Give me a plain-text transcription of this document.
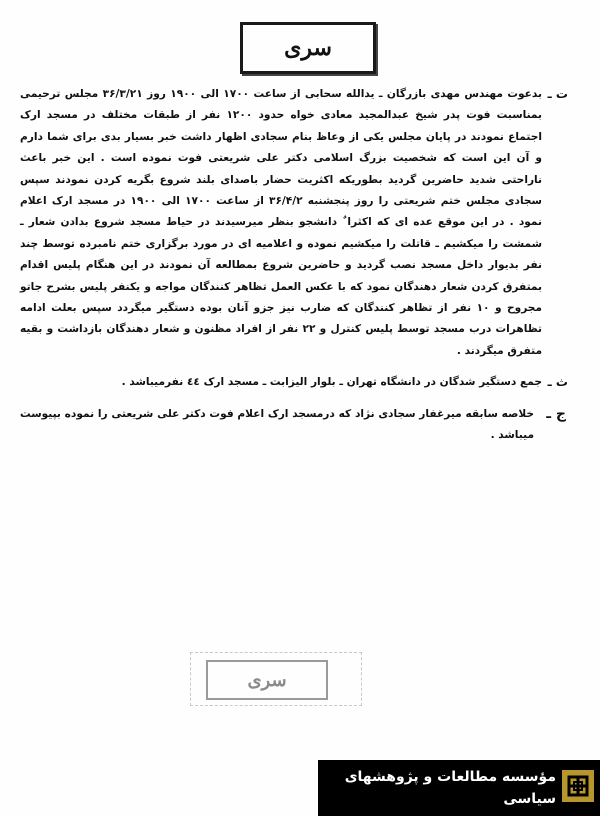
سری
ت ـ
بدعوت مهندس مهدی بازرگان ـ یدالله سحابی از ساعت ۱۷۰۰ الی ۱۹۰۰ روز ۳۶/۳/۲۱ مجلس ترحیمی بمناسبت فوت پدر شیخ عبدالمجید معادی خواه حدود ۱۲۰۰ نفر از طبقات مختلف در مسجد ارک اجتماع نمودند در پایان مجلس یکی از وعاظ بنام سجادی اظهار داشت خبر بسیار بدی برای شما دارم و آن این است که شخصیت بزرگ اسلامی دکتر علی شریعتی فوت نموده است . این خبر باعث ناراحتی شدید حاضرین گردید بطوریکه اکثریت حضار باصدای بلند شروع بگریه کردن نمودند سپس سجادی مجلس ختم شریعتی را روز پنجشنبه ۳۶/۴/۲ از ساعت ۱۷۰۰ الی ۱۹۰۰ در مسجد ارک اعلام نمود . در این موقع عده ای که اکثرا ٌ دانشجو بنظر میرسیدند در حیاط مسجد شروع بدادن شعار ـ شمشت را میکشیم ـ قاتلت را میکشیم نموده و اعلامیه ای در مورد برگزاری ختم نامبرده توسط چند نفر بدیوار داخل مسجد نصب گردید و حاضرین شروع بمطالعه آن نمودند در این هنگام پلیس اقدام بمتفرق کردن شعار دهندگان نمود که با عکس العمل تظاهر کنندگان مواجه و یکنفر پلیس بشرح جاتو مجروح و ۱۰ نفر از تظاهر کنندگان که ضارب نیز جزو آنان بوده دستگیر میگردد سپس بعلت ادامه تظاهرات درب مسجد توسط پلیس کنترل و ۲۲ نفر از افراد مظنون و شعار دهندگان بازداشت و بقیه متفرق میگردند .
ث ـ
جمع دستگیر شدگان در دانشگاه تهران ـ بلوار الیزابت ـ مسجد ارک ٤٤ نفرمیباشد .
ج ـ
خلاصه سابقه میرغفار سجادی نژاد که درمسجد ارک اعلام فوت دکتر علی شریعتی را نموده بپیوست میباشد .
سری
مؤسسه مطالعات و پژوهشهای سیاسی
www.psri.ir
